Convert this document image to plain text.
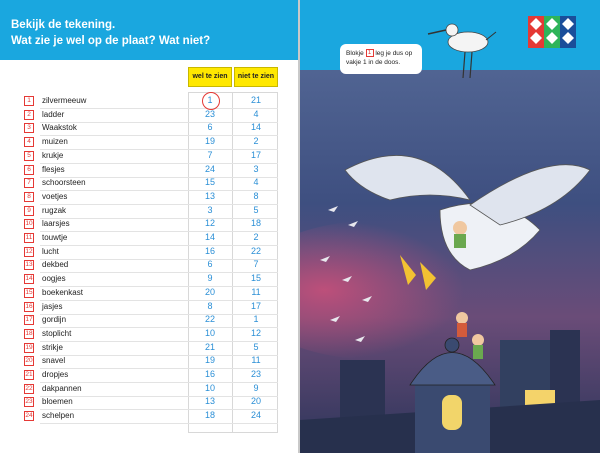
Bekijk de tekening.
Wat zie je wel op de plaat? Wat niet?
wel te zien	niet te zien
1	zilvermeeuw	1	21
2	ladder	23	4
3	Waakstok	6	14
4	muizen	19	2
5	krukje	7	17
6	flesjes	24	3
7	schoorsteen	15	4
8	voetjes	13	8
9	rugzak	3	5
10 laarsjes	12	18
11 touwtje	14	2
12 lucht	16	22
13 dekbed	6	7
14 oogjes	9	15
15 boekenkast	20	11
16 jasjes	8	17
17 gordijn	22	1
18 stoplicht	10	12
19 strikje	21	5
20 snavel	19	11
21 dropjes	16	23
22 dakpannen	10	9
23 bloemen	13	20
24 schelpen	18	24
Blokje 1 leg je dus op vakje 1 in de doos.
